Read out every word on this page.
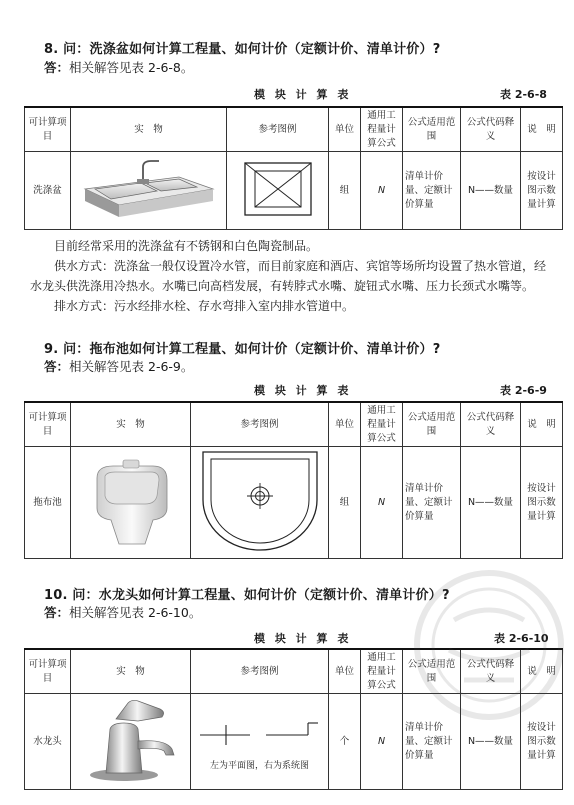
8. 问：洗涤盆如何计算工程量、如何计价（定额计价、清单计价）?
答：相关解答见表 2-6-8。
模 块 计 算 表	表 2-6-8
可计算项 目	实　物	参考图例	单位	通用工程量计算公式	公式适用范围	公式代码释义	说　明
洗涤盆			组	N	清单计价量、定额计价算量	N——数量	按设计图示数量计算
目前经常采用的洗涤盆有不锈钢和白色陶瓷制品。
供水方式：洗涤盆一般仅设置冷水管，而目前家庭和酒店、宾馆等场所均设置了热水管道，经水龙头供洗涤用冷热水。水嘴已向高档发展，有转脖式水嘴、旋钮式水嘴、压力长颈式水嘴等。
排水方式：污水经排水栓、存水弯排入室内排水管道中。
9. 问：拖布池如何计算工程量、如何计价（定额计价、清单计价）?
答：相关解答见表 2-6-9。
模 块 计 算 表	表 2-6-9
可计算项 目	实　物	参考图例	单位	通用工程量计算公式	公式适用范围	公式代码释义	说　明
拖布池			组	N	清单计价量、定额计价算量	N——数量	按设计图示数量计算
10. 问：水龙头如何计算工程量、如何计价（定额计价、清单计价）?
答：相关解答见表 2-6-10。
模 块 计 算 表	表 2-6-10
可计算项 目	实　物	参考图例	单位	通用工程量计算公式	公式适用范围	公式代码释义	说　明
水龙头		左为平面图，右为系统图	个	N	清单计价量、定额计价算量	N——数量	按设计图示数量计算
